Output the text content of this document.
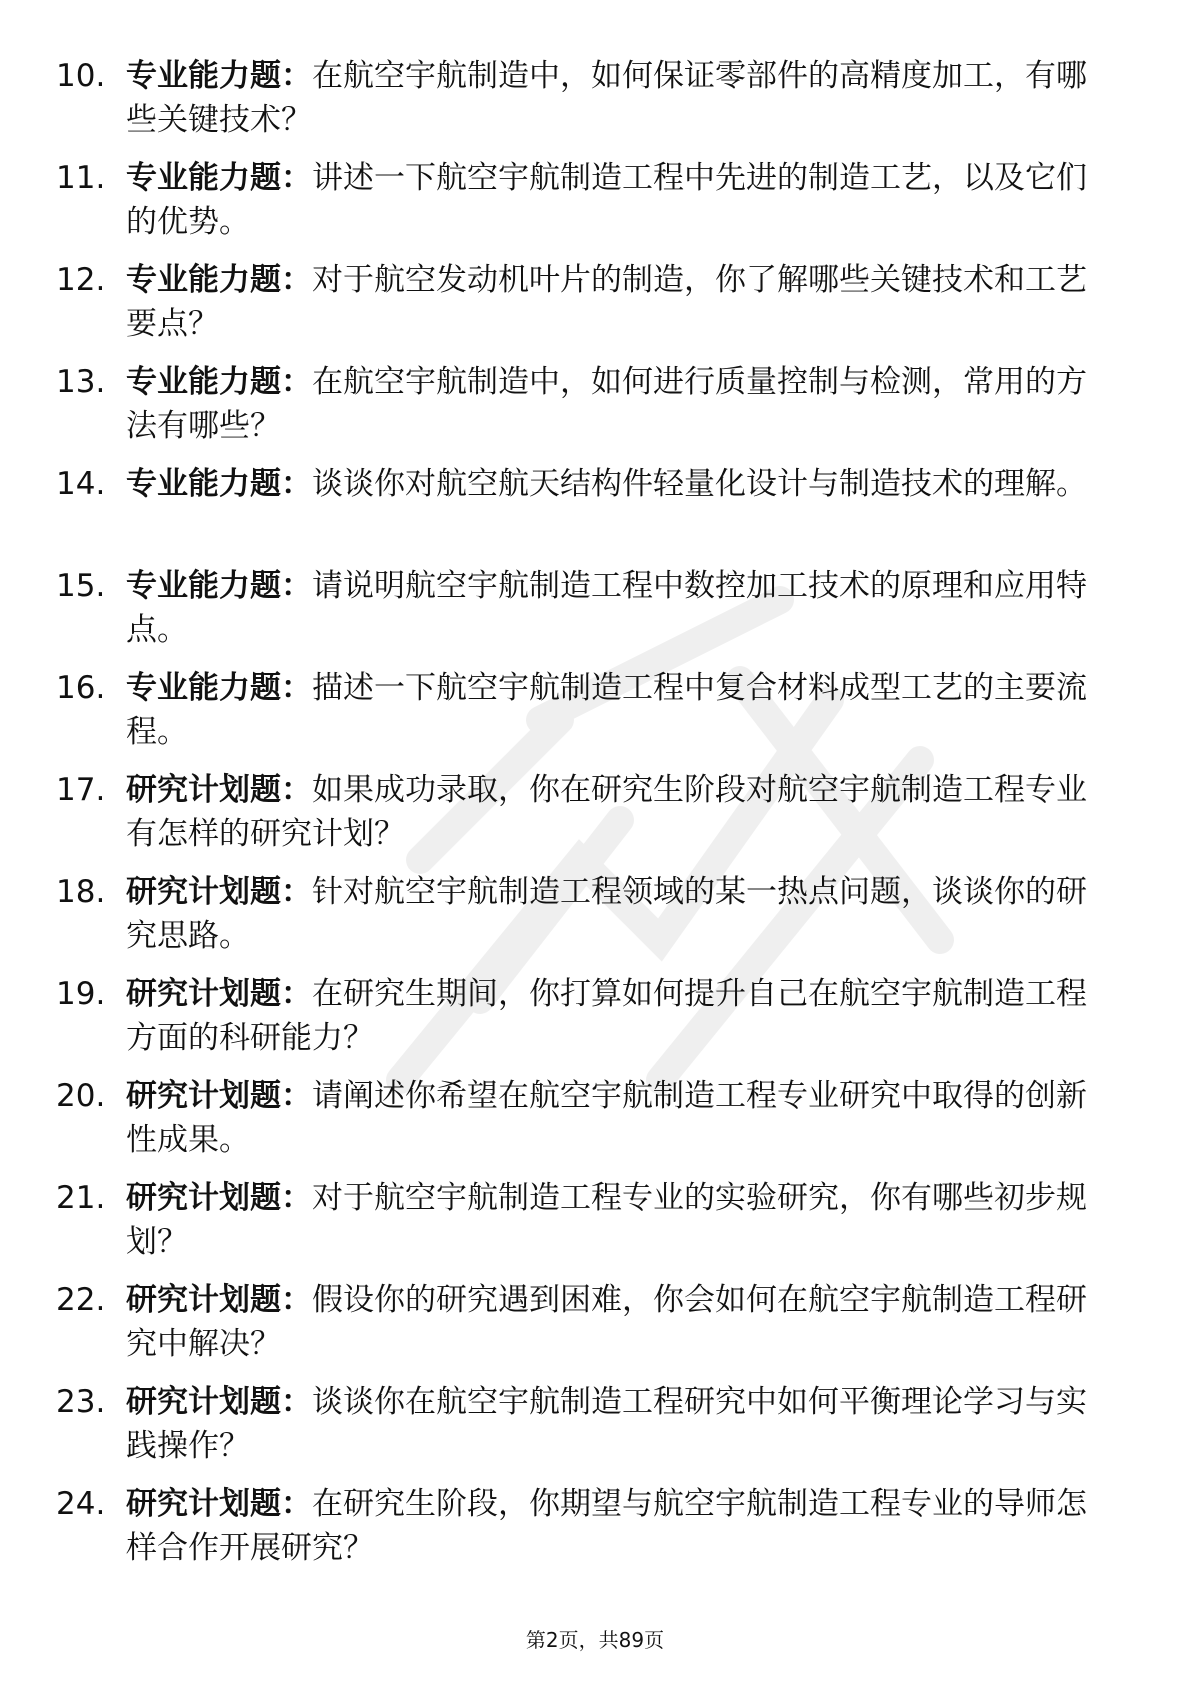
10. 专业能力题：在航空宇航制造中，如何保证零部件的高精度加工，有哪些关键技术？
11. 专业能力题：讲述一下航空宇航制造工程中先进的制造工艺，以及它们的优势。
12. 专业能力题：对于航空发动机叶片的制造，你了解哪些关键技术和工艺要点？
13. 专业能力题：在航空宇航制造中，如何进行质量控制与检测，常用的方法有哪些？
14. 专业能力题：谈谈你对航空航天结构件轻量化设计与制造技术的理解。
15. 专业能力题：请说明航空宇航制造工程中数控加工技术的原理和应用特点。
16. 专业能力题：描述一下航空宇航制造工程中复合材料成型工艺的主要流程。
17. 研究计划题：如果成功录取，你在研究生阶段对航空宇航制造工程专业有怎样的研究计划？
18. 研究计划题：针对航空宇航制造工程领域的某一热点问题，谈谈你的研究思路。
19. 研究计划题：在研究生期间，你打算如何提升自己在航空宇航制造工程方面的科研能力？
20. 研究计划题：请阐述你希望在航空宇航制造工程专业研究中取得的创新性成果。
21. 研究计划题：对于航空宇航制造工程专业的实验研究，你有哪些初步规划？
22. 研究计划题：假设你的研究遇到困难，你会如何在航空宇航制造工程研究中解决？
23. 研究计划题：谈谈你在航空宇航制造工程研究中如何平衡理论学习与实践操作？
24. 研究计划题：在研究生阶段，你期望与航空宇航制造工程专业的导师怎样合作开展研究？
第2页，共89页
